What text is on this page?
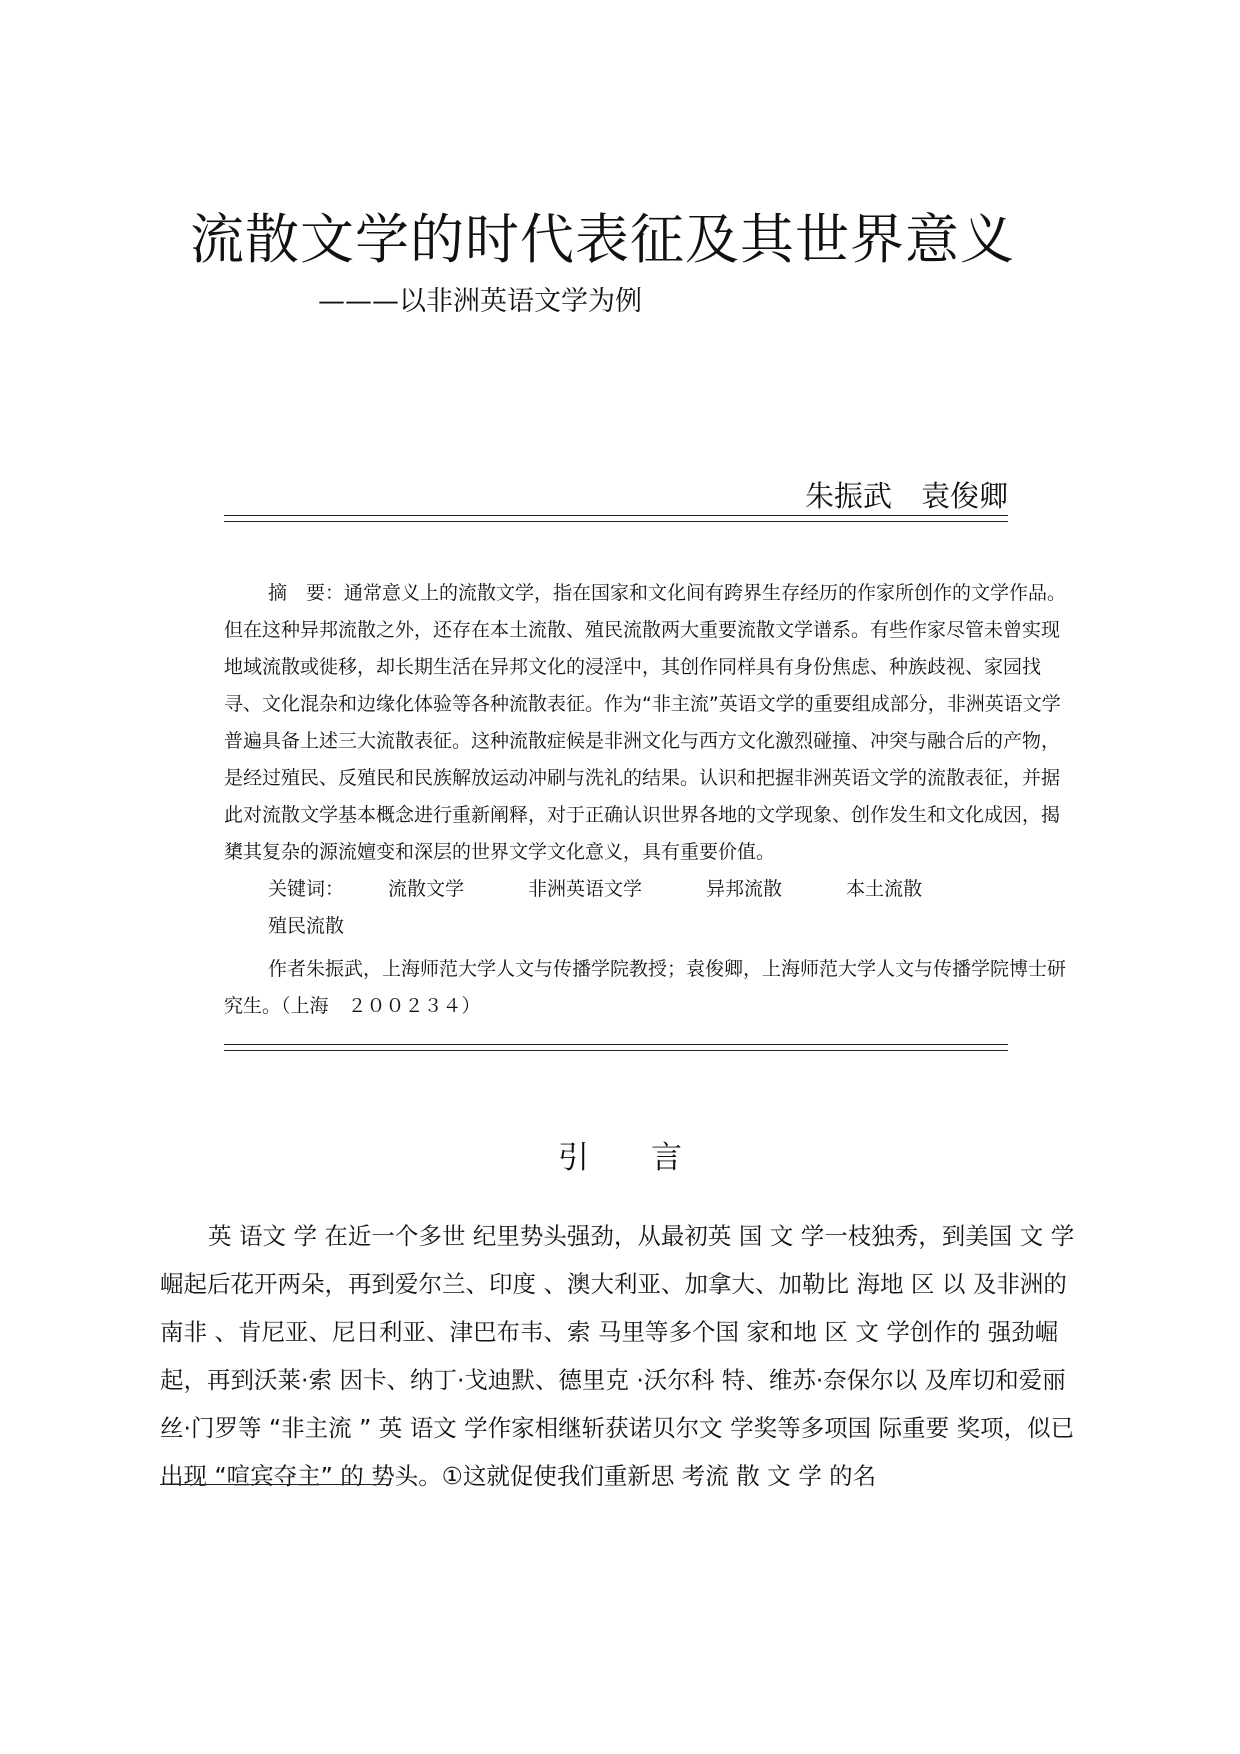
流散文学的时代表征及其世界意义
———以非洲英语文学为例
朱振武　袁俊卿

摘　要：通常意义上的流散文学，指在国家和文化间有跨界生存经历的作家所创作的文学作品。但在这种异邦流散之外，还存在本土流散、殖民流散两大重要流散文学谱系。有些作家尽管未曾实现地域流散或徙移，却长期生活在异邦文化的浸淫中，其创作同样具有身份焦虑、种族歧视、家园找寻、文化混杂和边缘化体验等各种流散表征。作为“非主流”英语文学的重要组成部分，非洲英语文学普遍具备上述三大流散表征。这种流散症候是非洲文化与西方文化激烈碰撞、冲突与融合后的产物，是经过殖民、反殖民和民族解放运动冲刷与洗礼的结果。认识和把握非洲英语文学的流散表征，并据此对流散文学基本概念进行重新阐释，对于正确认识世界各地的文学现象、创作发生和文化成因，揭橥其复杂的源流嬗变和深层的世界文学文化意义，具有重要价值。

关键词： 流散文学	非洲英语文学	异邦流散	本土流散殖民流散

作者朱振武，上海师范大学人文与传播学院教授；袁俊卿，上海师范大学人文与传播学院博士研究生。（上海　２００２３４）

引　　言

英 语文 学 在近一个多世 纪里势头强劲，从最初英 国 文 学一枝独秀，到美国 文 学崛起后花开两朵，再到爱尔兰、印度 、澳大利亚、加拿大、加勒比 海地 区 以 及非洲的 南非 、肯尼亚、尼日利亚、津巴布韦、索 马里等多个国 家和地 区 文 学创作的 强劲崛起，再到沃莱·索 因卡、纳丁·戈迪默、德里克 ·沃尔科 特、维苏·奈保尔以 及库切和爱丽丝·门罗等 “非主流 ” 英 语文 学作家相继斩获诺贝尔文 学奖等多项国 际重要 奖项，似已出现 “喧宾夺主” 的 势头。①这就促使我们重新思 考流 散 文 学 的名
